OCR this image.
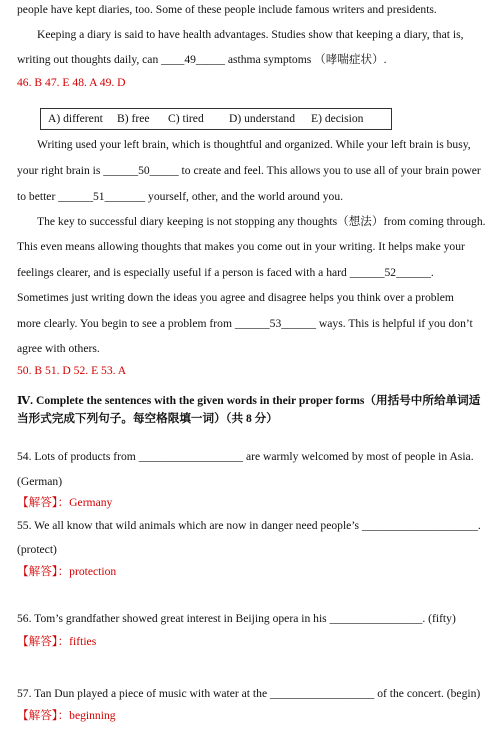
people have kept diaries, too. Some of these people include famous writers and presidents.
Keeping a diary is said to have health advantages. Studies show that keeping a diary, that is,
writing out thoughts daily, can ____49_____ asthma symptoms （哮喘症状）.
46. B 47. E 48. A 49. D
A) different B) free C) tired D) understand E) decision
Writing used your left brain, which is thoughtful and organized. While your left brain is busy,
your right brain is ______50_____ to create and feel. This allows you to use all of your brain power
to better ______51_______ yourself, other, and the world around you.
The key to successful diary keeping is not stopping any thoughts（想法）from coming through.
This even means allowing thoughts that makes you come out in your writing. It helps make your
feelings clearer, and is especially useful if a person is faced with a hard ______52______.
Sometimes just writing down the ideas you agree and disagree helps you think over a problem
more clearly. You begin to see a problem from ______53______ ways. This is helpful if you don’t
agree with others.
50. B 51. D 52. E 53. A
Ⅳ. Complete the sentences with the given words in their proper forms（用括号中所给单词适
当形式完成下列句子。每空格限填一词）（共 8 分）
54. Lots of products from __________________ are warmly welcomed by most of people in Asia.
(German)
【解答】：Germany
55. We all know that wild animals which are now in danger need people’s ____________________.
(protect)
【解答】：protection
56. Tom’s grandfather showed great interest in Beijing opera in his ________________. (fifty)
【解答】：fifties
57. Tan Dun played a piece of music with water at the __________________ of the concert. (begin)
【解答】：beginning
